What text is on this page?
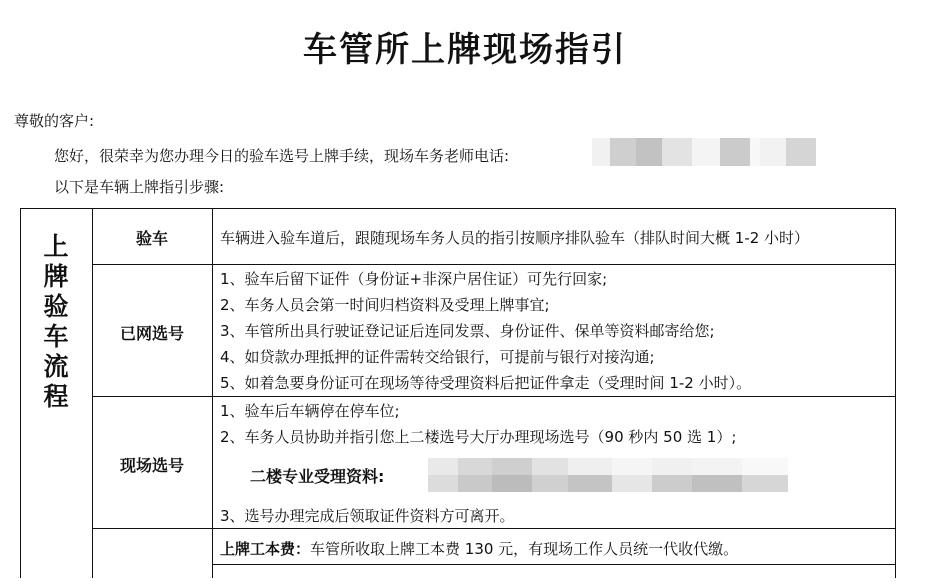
车管所上牌现场指引
尊敬的客户:
您好，很荣幸为您办理今日的验车选号上牌手续，现场车务老师电话:
以下是车辆上牌指引步骤:
上
牌
验
车
流
程
验车	车辆进入验车道后，跟随现场车务人员的指引按顺序排队验车（排队时间大概 1-2 小时）
已网选号
1、验车后留下证件（身份证+非深户居住证）可先行回家;
2、车务人员会第一时间归档资料及受理上牌事宜;
3、车管所出具行驶证登记证后连同发票、身份证件、保单等资料邮寄给您;
4、如贷款办理抵押的证件需转交给银行，可提前与银行对接沟通;
5、如着急要身份证可在现场等待受理资料后把证件拿走（受理时间 1-2 小时）。
现场选号
1、验车后车辆停在停车位;
2、车务人员协助并指引您上二楼选号大厅办理现场选号（90 秒内 50 选 1）;
二楼专业受理资料:
3、选号办理完成后领取证件资料方可离开。
上牌工本费：车管所收取上牌工本费 130 元，有现场工作人员统一代收代缴。
